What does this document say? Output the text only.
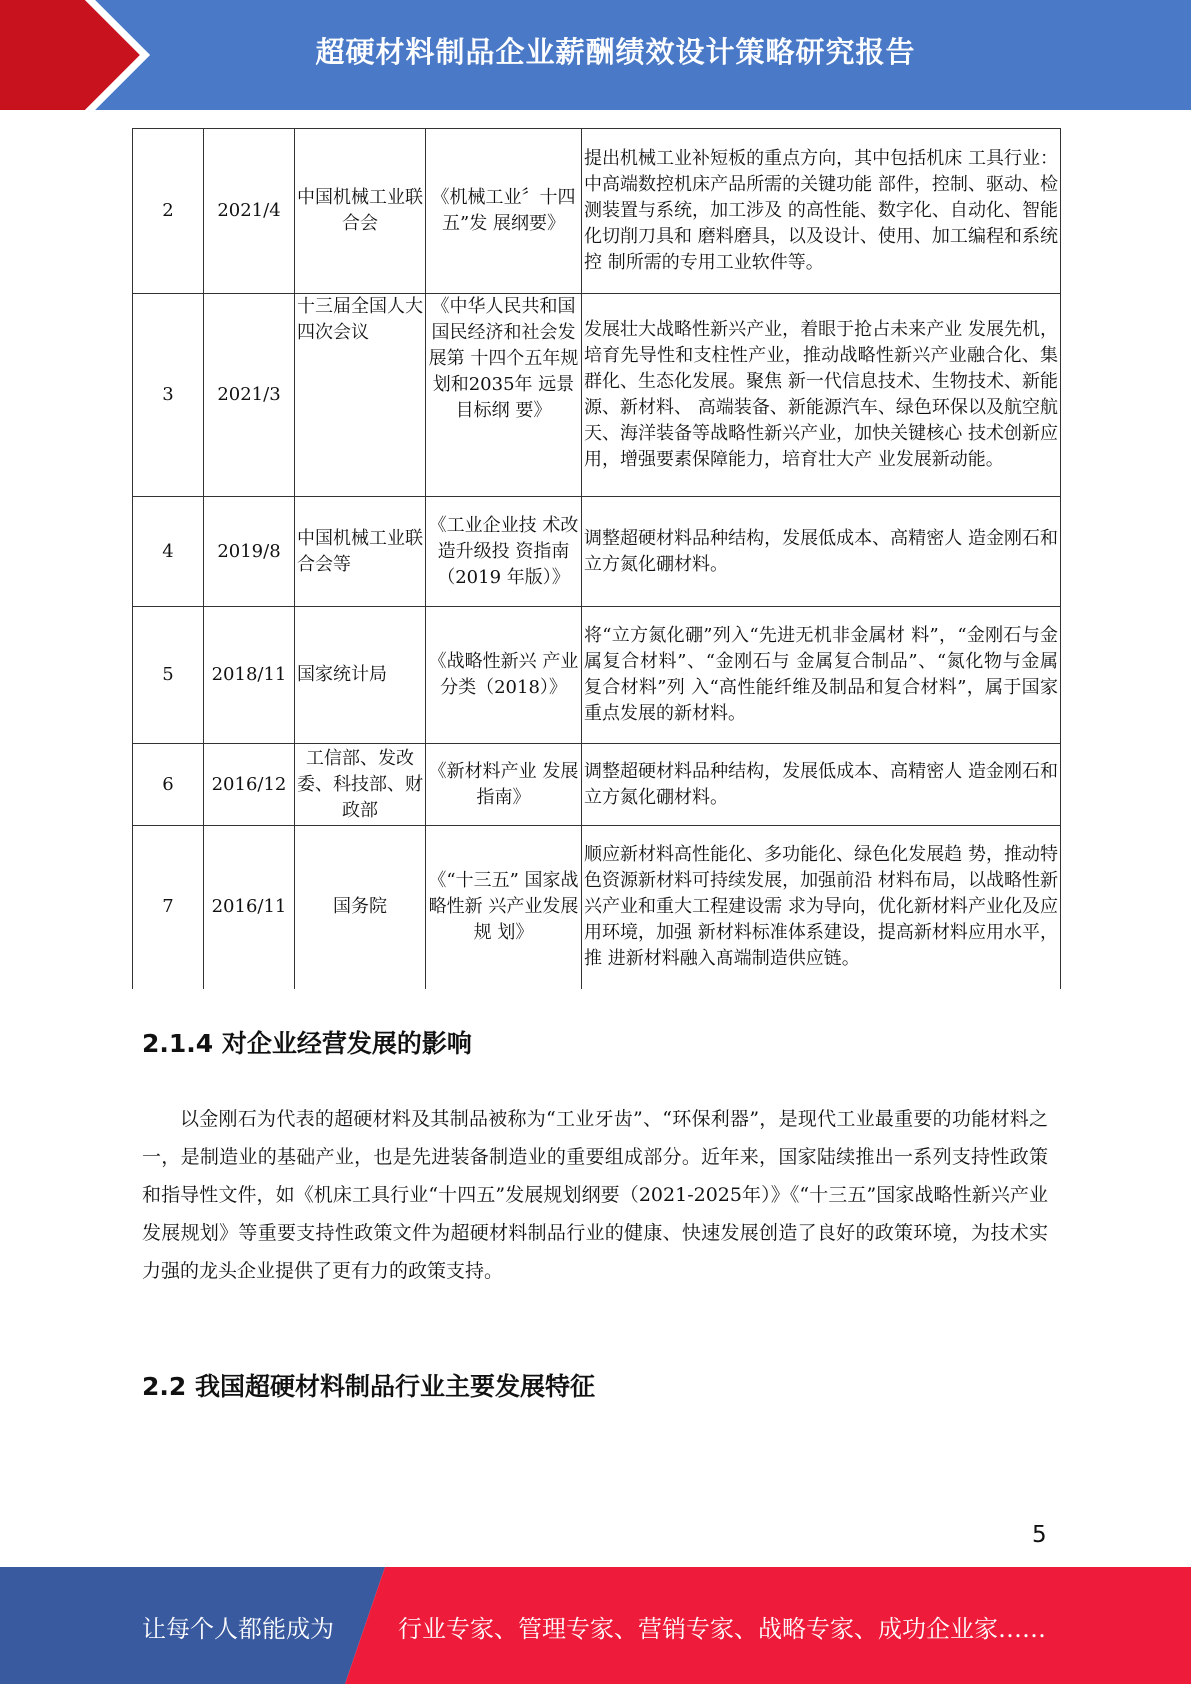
超硬材料制品企业薪酬绩效设计策略研究报告
2	2021/4	中国机械工业联合会	《机械工业〞十四五”发 展纲要》	提出机械工业补短板的重点方向，其中包括机床 工具行业：中高端数控机床产品所需的关键功能 部件，控制、驱动、检测装置与系统，加工涉及 的高性能、数字化、自动化、智能化切削刀具和 磨料磨具，以及设计、使用、加工编程和系统控 制所需的专用工业软件等。
3	2021/3	十三届全国人大四次会议	《中华人民共和国国民经济和社会发展第 十四个五年规 划和2035年 远景目标纲 要》	发展壮大战略性新兴产业，着眼于抢占未来产业 发展先机，培育先导性和支柱性产业，推动战略性新兴产业融合化、集群化、生态化发展。聚焦 新一代信息技术、生物技术、新能源、新材料、 高端装备、新能源汽车、绿色环保以及航空航 天、海洋装备等战略性新兴产业，加快关键核心 技术创新应用，增强要素保障能力，培育壮大产 业发展新动能。
4	2019/8	中国机械工业联合会等	《工业企业技 术改造升级投 资指南（2019 年版）》	调整超硬材料品种结构，发展低成本、高精密人 造金刚石和立方氮化硼材料。
5	2018/11	国家统计局	《战略性新兴 产业分类（2018）》	将“立方氮化硼”列入“先进无机非金属材 料”，“金刚石与金属复合材料”、“金刚石与 金属复合制品”、“氮化物与金属复合材料”列 入“高性能纤维及制品和复合材料”，属于国家 重点发展的新材料。
6	2016/12	工信部、发改委、科技部、财政部	《新材料产业 发展指南》	调整超硬材料品种结构，发展低成本、高精密人 造金刚石和立方氮化硼材料。
7	2016/11	国务院	《“十三五” 国家战略性新 兴产业发展规 划》	顺应新材料高性能化、多功能化、绿色化发展趋 势，推动特色资源新材料可持续发展，加强前沿 材料布局，以战略性新兴产业和重大工程建设需 求为导向，优化新材料产业化及应用环境，加强 新材料标准体系建设，提高新材料应用水平，推 进新材料融入髙端制造供应链。
2.1.4 对企业经营发展的影响
以金刚石为代表的超硬材料及其制品被称为“工业牙齿”、“环保利器”，是现代工业最重要的功能材料之一，是制造业的基础产业，也是先进装备制造业的重要组成部分。近年来，国家陆续推出一系列支持性政策和指导性文件，如《机床工具行业“十四五”发展规划纲要（2021-2025年）》《“十三五”国家战略性新兴产业发展规划》等重要支持性政策文件为超硬材料制品行业的健康、快速发展创造了良好的政策环境，为技术实力强的龙头企业提供了更有力的政策支持。
2.2 我国超硬材料制品行业主要发展特征
5
让每个人都能成为	行业专家、管理专家、营销专家、战略专家、成功企业家……
